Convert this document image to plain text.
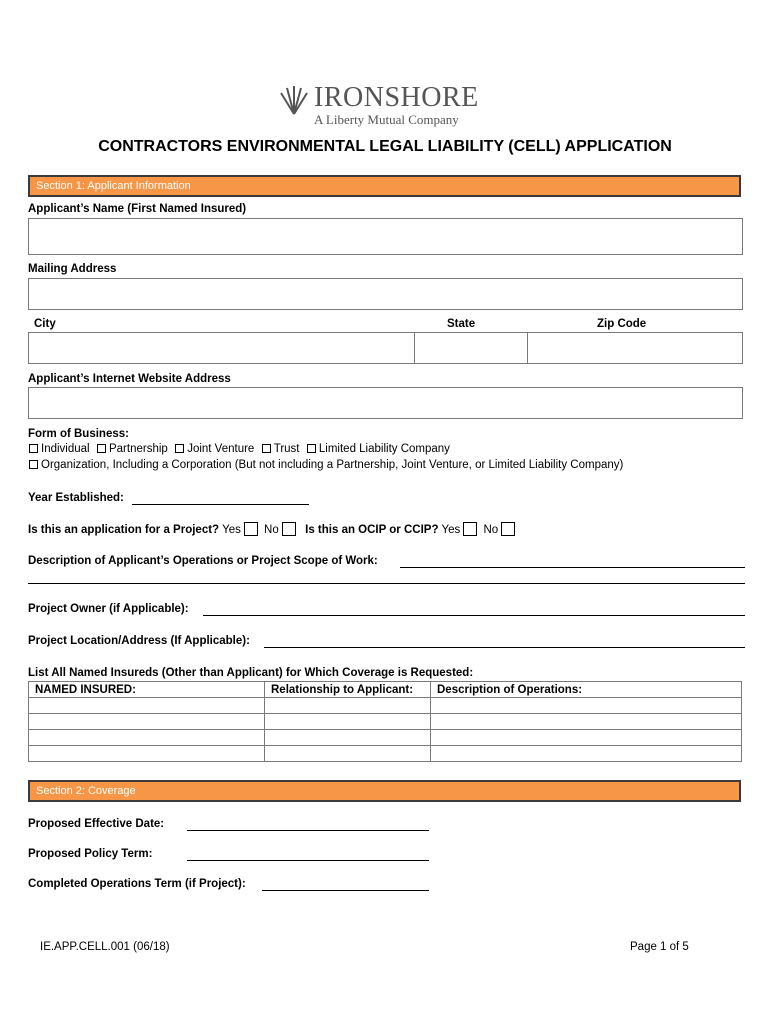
IRONSHORE
A Liberty Mutual Company
CONTRACTORS ENVIRONMENTAL LEGAL LIABILITY (CELL) APPLICATION
Section 1: Applicant Information
Applicant’s Name (First Named Insured)
Mailing Address
City	State	Zip Code
Applicant’s Internet Website Address
Form of Business:
Individual Partnership Joint Venture Trust Limited Liability Company
Organization, Including a Corporation (But not including a Partnership, Joint Venture, or Limited Liability Company)
Year Established:
Is this an application for a Project? Yes No Is this an OCIP or CCIP? Yes No
Description of Applicant’s Operations or Project Scope of Work:
Project Owner (if Applicable):
Project Location/Address (If Applicable):
List All Named Insureds (Other than Applicant) for Which Coverage is Requested:
NAMED INSURED:	Relationship to Applicant:	Description of Operations:

Section 2: Coverage
Proposed Effective Date:
Proposed Policy Term:
Completed Operations Term (if Project):
IE.APP.CELL.001 (06/18)	Page 1 of 5
